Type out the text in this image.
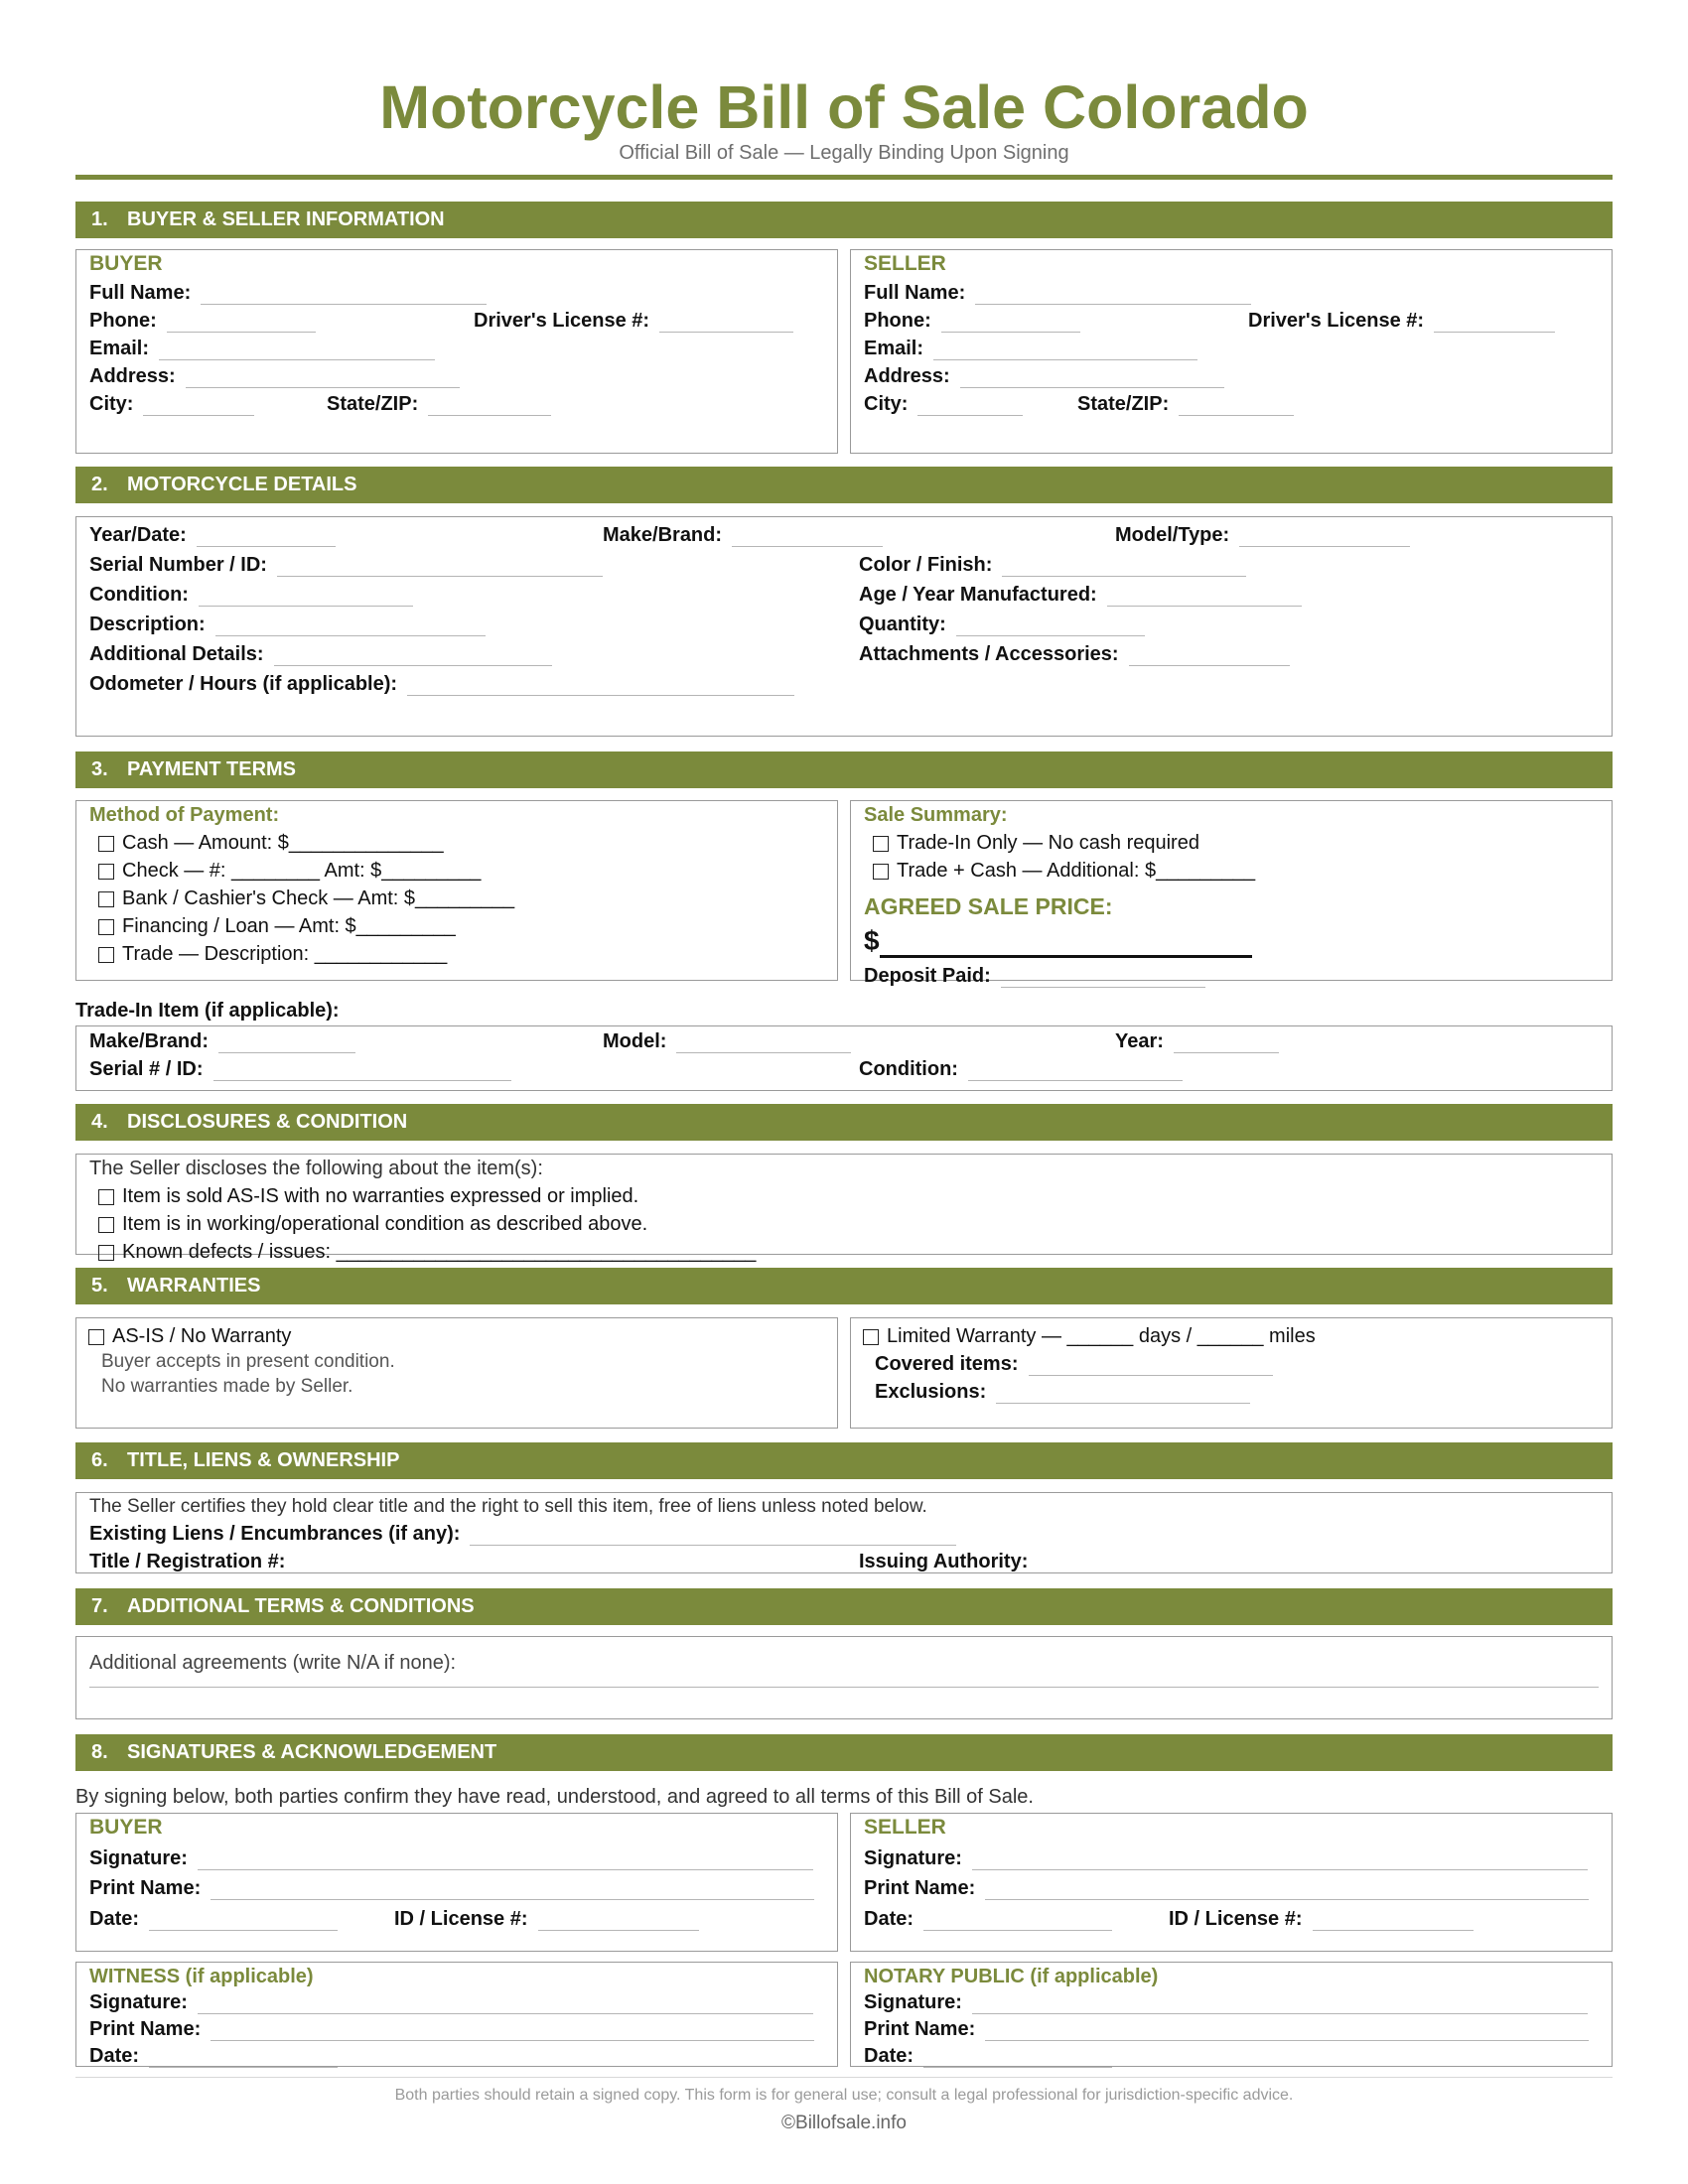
Motorcycle Bill of Sale Colorado
Official Bill of Sale — Legally Binding Upon Signing
1. BUYER & SELLER INFORMATION
BUYER
Full Name:
Phone:	Driver's License #:
Email:
Address:
City:	State/ZIP:
SELLER
Full Name:
Phone:	Driver's License #:
Email:
Address:
City:	State/ZIP:
2. MOTORCYCLE DETAILS
Year/Date:	Make/Brand:	Model/Type:
Serial Number / ID:	Color / Finish:
Condition:	Age / Year Manufactured:
Description:	Quantity:
Additional Details:	Attachments / Accessories:
Odometer / Hours (if applicable):
3. PAYMENT TERMS
Method of Payment:
Cash — Amount: $______________
Check — #: ________ Amt: $_________
Bank / Cashier's Check — Amt: $_________
Financing / Loan — Amt: $_________
Trade — Description: ____________
Sale Summary:
Trade-In Only — No cash required
Trade + Cash — Additional: $_________
AGREED SALE PRICE:
$
Deposit Paid:
Trade-In Item (if applicable):
Make/Brand:	Model:	Year:
Serial # / ID:	Condition:
4. DISCLOSURES & CONDITION
The Seller discloses the following about the item(s):
Item is sold AS-IS with no warranties expressed or implied.
Item is in working/operational condition as described above.
Known defects / issues: ______________________________________
5. WARRANTIES
AS-IS / No Warranty
Buyer accepts in present condition.
No warranties made by Seller.
Limited Warranty — ______ days / ______ miles
Covered items:
Exclusions:
6. TITLE, LIENS & OWNERSHIP
The Seller certifies they hold clear title and the right to sell this item, free of liens unless noted below.
Existing Liens / Encumbrances (if any):
Title / Registration #:	Issuing Authority:
7. ADDITIONAL TERMS & CONDITIONS
Additional agreements (write N/A if none):
8. SIGNATURES & ACKNOWLEDGEMENT
By signing below, both parties confirm they have read, understood, and agreed to all terms of this Bill of Sale.
BUYER
Signature:
Print Name:
Date:	ID / License #:
SELLER
Signature:
Print Name:
Date:	ID / License #:
WITNESS (if applicable)
Signature:
Print Name:
Date:
NOTARY PUBLIC (if applicable)
Signature:
Print Name:
Date:
Both parties should retain a signed copy. This form is for general use; consult a legal professional for jurisdiction-specific advice.
©Billofsale.info
